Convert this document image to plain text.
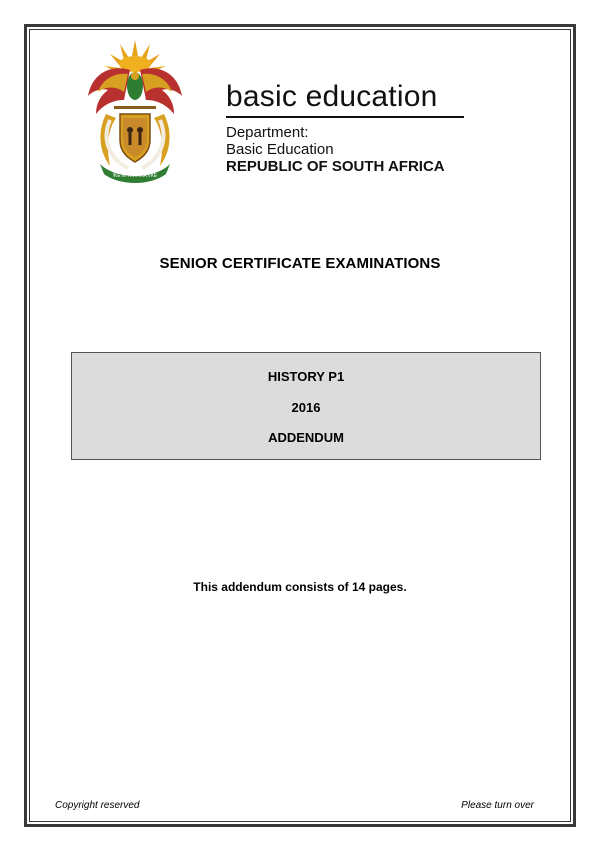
!KE E: /XARRA //KE
basic education
Department:
Basic Education
REPUBLIC OF SOUTH AFRICA
SENIOR CERTIFICATE EXAMINATIONS
HISTORY P1
2016
ADDENDUM
This addendum consists of 14 pages.
Copyright reserved	Please turn over
